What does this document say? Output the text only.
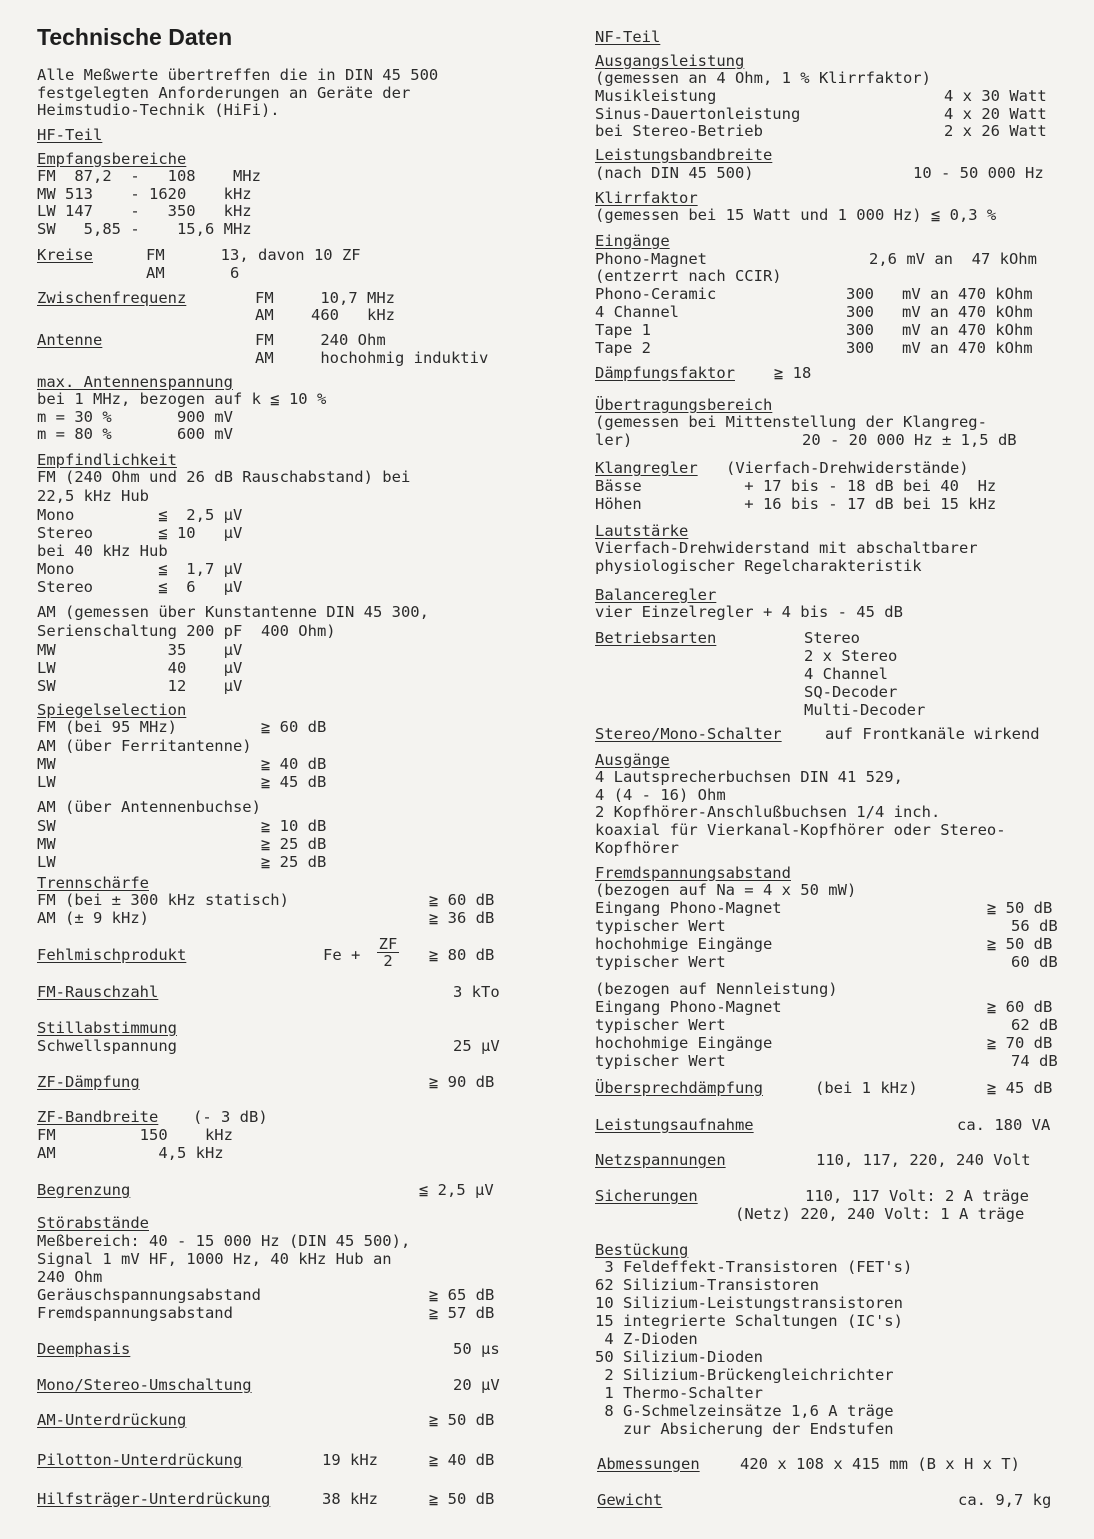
Technische Daten
Alle Meßwerte übertreffen die in DIN 45 500
festgelegten Anforderungen an Geräte der
Heimstudio-Technik (HiFi).
HF-Teil
Empfangsbereiche
FM  87,2  -   108    MHz
MW 513    - 1620    kHz
LW 147    -   350   kHz
SW   5,85 -    15,6 MHz
Kreise	FM      13, davon 10 ZF
AM       6
Zwischenfrequenz	FM     10,7 MHz
AM    460   kHz
Antenne	FM     240 Ohm
AM     hochohmig induktiv
max. Antennenspannung
bei 1 MHz, bezogen auf k ≦ 10 %
m = 30 %       900 mV
m = 80 %       600 mV
Empfindlichkeit
FM (240 Ohm und 26 dB Rauschabstand) bei
22,5 kHz Hub
Mono         ≦  2,5 µV
Stereo       ≦ 10   µV
bei 40 kHz Hub
Mono         ≦  1,7 µV
Stereo       ≦  6   µV
AM (gemessen über Kunstantenne DIN 45 300,
Serienschaltung 200 pF  400 Ohm)
MW            35    µV
LW            40    µV
SW            12    µV
Spiegelselection
FM (bei 95 MHz)         ≧ 60 dB
AM (über Ferritantenne)
MW                      ≧ 40 dB
LW                      ≧ 45 dB
AM (über Antennenbuchse)
SW                      ≧ 10 dB
MW                      ≧ 25 dB
LW                      ≧ 25 dB
Trennschärfe
FM (bei ± 300 kHz statisch)	≧ 60 dB
AM (± 9 kHz)	≧ 36 dB
Fehlmischprodukt	Fe +	≧ 80 dB
FM-Rauschzahl	3 kTo
Stillabstimmung
Schwellspannung	25 µV
ZF-Dämpfung	≧ 90 dB
ZF-Bandbreite (- 3 dB)
FM         150    kHz
AM           4,5 kHz
Begrenzung	≦ 2,5 µV
Störabstände
Meßbereich: 40 - 15 000 Hz (DIN 45 500),
Signal 1 mV HF, 1000 Hz, 40 kHz Hub an
240 Ohm
Geräuschspannungsabstand	≧ 65 dB
Fremdspannungsabstand	≧ 57 dB
Deemphasis	50 µs
Mono/Stereo-Umschaltung	20 µV
AM-Unterdrückung	≧ 50 dB
Pilotton-Unterdrückung	19 kHz	≧ 40 dB
Hilfsträger-Unterdrückung	38 kHz	≧ 50 dB
NF-Teil
Ausgangsleistung
(gemessen an 4 Ohm, 1 % Klirrfaktor)
Musikleistung	4 x 30 Watt
Sinus-Dauertonleistung	4 x 20 Watt
bei Stereo-Betrieb	2 x 26 Watt
Leistungsbandbreite
(nach DIN 45 500)	10 - 50 000 Hz
Klirrfaktor
(gemessen bei 15 Watt und 1 000 Hz) ≦ 0,3 %
Eingänge
Phono-Magnet	2,6 mV an  47 kOhm
(entzerrt nach CCIR)
Phono-Ceramic	300   mV an 470 kOhm
4 Channel	300   mV an 470 kOhm
Tape 1	300   mV an 470 kOhm
Tape 2	300   mV an 470 kOhm
Dämpfungsfaktor	≧ 18
Übertragungsbereich
(gemessen bei Mittenstellung der Klangreg-
ler)	20 - 20 000 Hz ± 1,5 dB
Klangregler (Vierfach-Drehwiderstände)
Bässe           + 17 bis - 18 dB bei 40  Hz
Höhen           + 16 bis - 17 dB bei 15 kHz
Lautstärke
Vierfach-Drehwiderstand mit abschaltbarer
physiologischer Regelcharakteristik
Balanceregler
vier Einzelregler + 4 bis - 45 dB
Betriebsarten	Stereo
2 x Stereo
4 Channel
SQ-Decoder
Multi-Decoder
Stereo/Mono-Schalter	auf Frontkanäle wirkend
Ausgänge
4 Lautsprecherbuchsen DIN 41 529,
4 (4 - 16) Ohm
2 Kopfhörer-Anschlußbuchsen 1/4 inch.
koaxial für Vierkanal-Kopfhörer oder Stereo-
Kopfhörer
Fremdspannungsabstand
(bezogen auf Na = 4 x 50 mW)
Eingang Phono-Magnet	≧ 50 dB
typischer Wert	56 dB
hochohmige Eingänge	≧ 50 dB
typischer Wert	60 dB
(bezogen auf Nennleistung)
Eingang Phono-Magnet	≧ 60 dB
typischer Wert	62 dB
hochohmige Eingänge	≧ 70 dB
typischer Wert	74 dB
Übersprechdämpfung	(bei 1 kHz)	≧ 45 dB
Leistungsaufnahme	ca. 180 VA
Netzspannungen	110, 117, 220, 240 Volt
Sicherungen	110, 117 Volt: 2 A träge
(Netz) 220, 240 Volt: 1 A träge
Bestückung
3 Feldeffekt-Transistoren (FET's)
62 Silizium-Transistoren
10 Silizium-Leistungstransistoren
15 integrierte Schaltungen (IC's)
4 Z-Dioden
50 Silizium-Dioden
2 Silizium-Brückengleichrichter
1 Thermo-Schalter
8 G-Schmelzeinsätze 1,6 A träge
zur Absicherung der Endstufen
Abmessungen	420 x 108 x 415 mm (B x H x T)
Gewicht	ca. 9,7 kg
$\frac{ZF}{2}$
